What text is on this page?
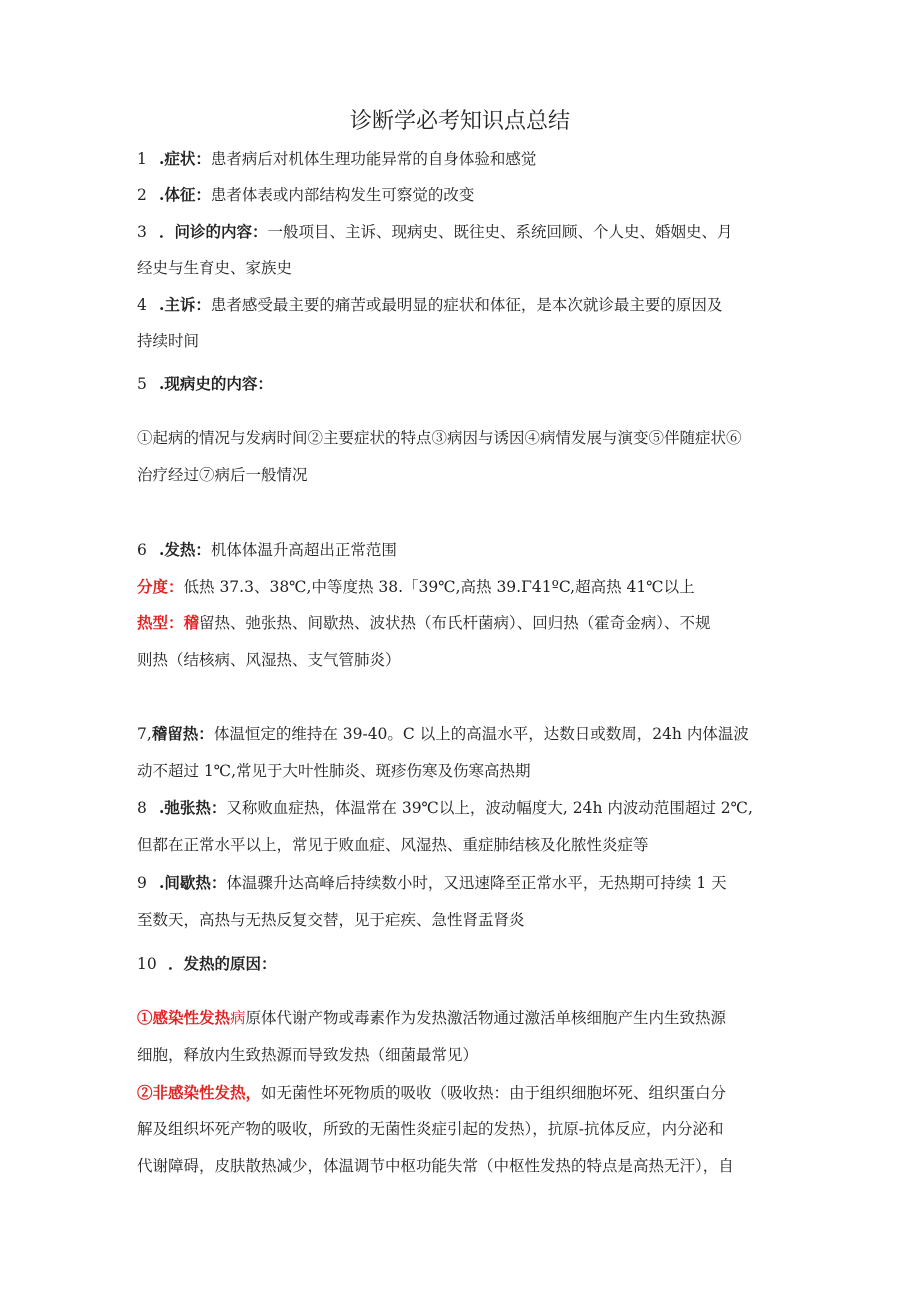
诊断学必考知识点总结
1 .症状：患者病后对机体生理功能异常的自身体验和感觉
2 .体征：患者体表或内部结构发生可察觉的改变
3 ．问诊的内容：一般项目、主诉、现病史、既往史、系统回顾、个人史、婚姻史、月
经史与生育史、家族史
4 .主诉：患者感受最主要的痛苦或最明显的症状和体征，是本次就诊最主要的原因及
持续时间
5 .现病史的内容：
①起病的情况与发病时间②主要症状的特点③病因与诱因④病情发展与演变⑤伴随症状⑥
治疗经过⑦病后一般情况
6 .发热：机体体温升高超出正常范围
分度：低热 37.3、38℃,中等度热 38.「39℃,高热 39.Γ41ºC,超高热 41℃以上
热型：稽留热、弛张热、间歇热、波状热（布氏杆菌病）、回归热（霍奇金病）、不规
则热（结核病、风湿热、支气管肺炎）
7,稽留热：体温恒定的维持在 39-40。C 以上的高温水平，达数日或数周，24h 内体温波
动不超过 1℃,常见于大叶性肺炎、斑疹伤寒及伤寒高热期
8 .弛张热：又称败血症热，体温常在 39℃以上，波动幅度大, 24h 内波动范围超过 2℃,
但都在正常水平以上，常见于败血症、风湿热、重症肺结核及化脓性炎症等
9 .间歇热：体温骤升达高峰后持续数小时，又迅速降至正常水平，无热期可持续 1 天
至数天，高热与无热反复交替，见于疟疾、急性肾盂肾炎
10 ．发热的原因：
①感染性发热病原体代谢产物或毒素作为发热激活物通过激活单核细胞产生内生致热源
细胞，释放内生致热源而导致发热（细菌最常见）
②非感染性发热，如无菌性坏死物质的吸收（吸收热：由于组织细胞坏死、组织蛋白分
解及组织坏死产物的吸收，所致的无菌性炎症引起的发热），抗原-抗体反应，内分泌和
代谢障碍，皮肤散热减少，体温调节中枢功能失常（中枢性发热的特点是高热无汗），自
